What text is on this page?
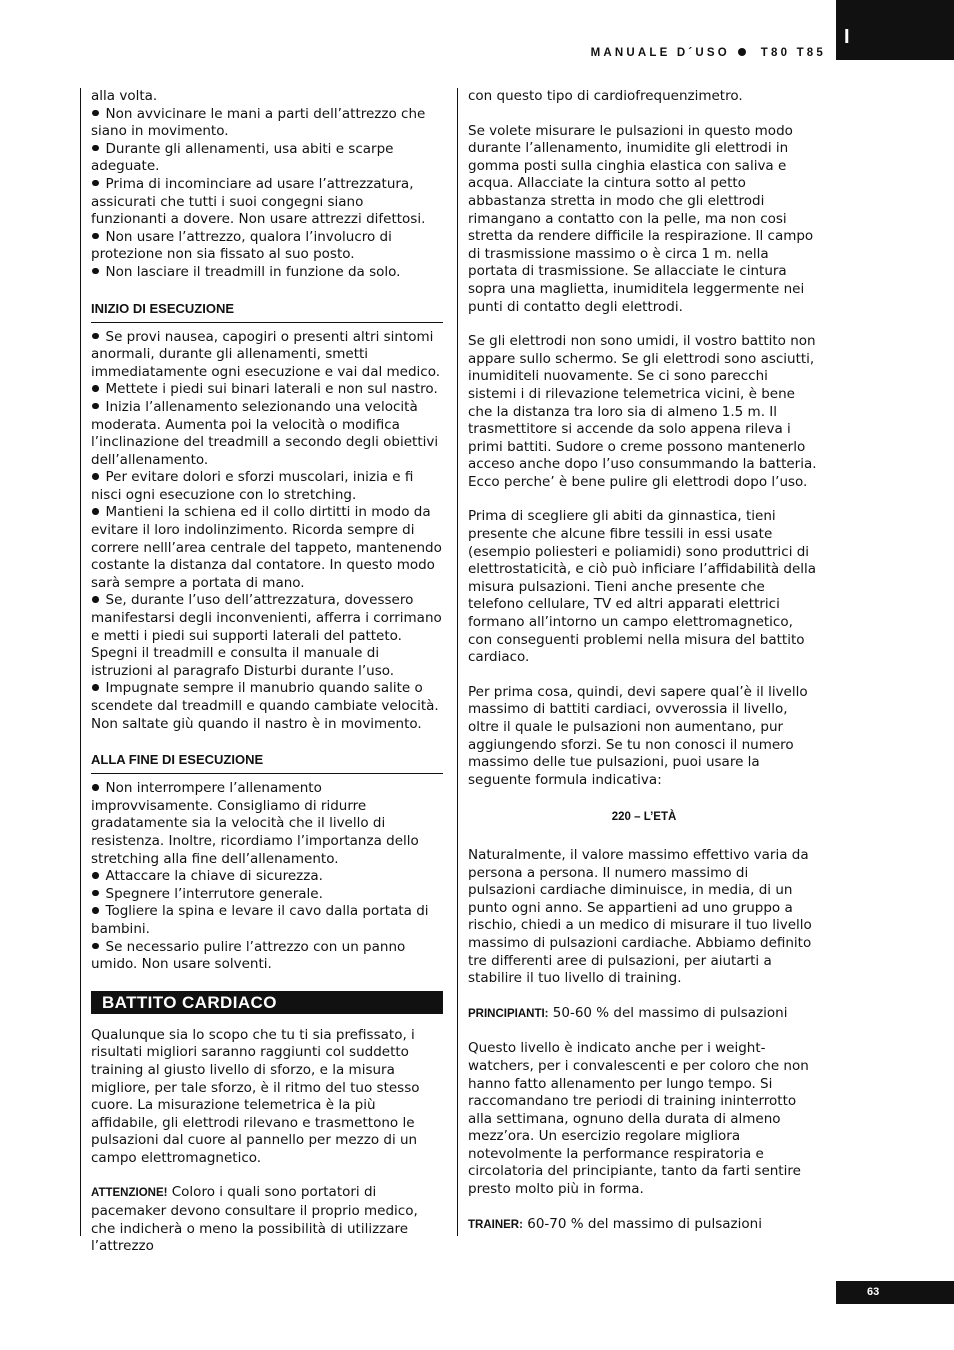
I
MANUALE D´USO	T80 T85

alla volta.

Non avvicinare le mani a parti dell’attrezzo che siano in movimento.

Durante gli allenamenti, usa abiti e scarpe adeguate.

Prima di incominciare ad usare l’attrezzatura, assicurati che tutti i suoi congegni siano funzionanti a dovere. Non usare attrezzi difettosi.

Non usare l’attrezzo, qualora l’involucro di protezione non sia fissato al suo posto.

Non lasciare il treadmill in funzione da solo.

INIZIO DI ESECUZIONE

Se provi nausea, capogiri o presenti altri sintomi anormali, durante gli allenamenti, smetti immediatamente ogni esecuzione e vai dal medico.

Mettete i piedi sui binari laterali e non sul nastro.

Inizia l’allenamento selezionando una velocità moderata. Aumenta poi la velocità o modifica l’inclinazione del treadmill a secondo degli obiettivi dell’allenamento.

Per evitare dolori e sforzi muscolari, inizia e fi nisci ogni esecuzione con lo stretching.

Mantieni la schiena ed il collo dirtitti in modo da evitare il loro indolinzimento. Ricorda sempre di correre nelll’area centrale del tappeto, mantenendo costante la distanza dal contatore. In questo modo sarà sempre a portata di mano.

Se, durante l’uso dell’attrezzatura, dovessero manifestarsi degli inconvenienti, afferra i corrimano e metti i piedi sui supporti laterali del patteto. Spegni il treadmill e consulta il manuale di istruzioni al paragrafo Disturbi durante l’uso.

Impugnate sempre il manubrio quando salite o scendete dal treadmill e quando cambiate velocità. Non saltate giù quando il nastro è in movimento.

ALLA FINE DI ESECUZIONE

Non interrompere l’allenamento improvvisamente. Consigliamo di ridurre gradatamente sia la velocità che il livello di resistenza. Inoltre, ricordiamo l’importanza dello stretching alla fine dell’allenamento.

Attaccare la chiave di sicurezza.

Spegnere l’interrutore generale.

Togliere la spina e levare il cavo dalla portata di bambini.

Se necessario pulire l’attrezzo con un panno umido. Non usare solventi.

BATTITO CARDIACO

Qualunque sia lo scopo che tu ti sia prefissato, i risultati migliori saranno raggiunti col suddetto training al giusto livello di sforzo, e la misura migliore, per tale sforzo, è il ritmo del tuo stesso cuore. La misurazione telemetrica è la più affidabile, gli elettrodi rilevano e trasmettono le pulsazioni dal cuore al pannello per mezzo di un campo elettromagnetico.

ATTENZIONE! Coloro i quali sono portatori di pacemaker devono consultare il proprio medico, che indicherà o meno la possibilità di utilizzare l’attrezzo

con questo tipo di cardiofrequenzimetro.

Se volete misurare le pulsazioni in questo modo durante l’allenamento, inumidite gli elettrodi in gomma posti sulla cinghia elastica con saliva e acqua. Allacciate la cintura sotto al petto abbastanza stretta in modo che gli elettrodi rimangano a contatto con la pelle, ma non cosi stretta da rendere difficile la respirazione. Il campo di trasmissione massimo o è circa 1 m. nella portata di trasmissione. Se allacciate le cintura sopra una maglietta, inumiditela leggermente nei punti di contatto degli elettrodi.

Se gli elettrodi non sono umidi, il vostro battito non appare sullo schermo. Se gli elettrodi sono asciutti, inumiditeli nuovamente. Se ci sono parecchi sistemi i di rilevazione telemetrica vicini, è bene che la distanza tra loro sia di almeno 1.5 m. Il trasmettitore si accende da solo appena rileva i primi battiti. Sudore o creme possono mantenerlo acceso anche dopo l’uso consummando la batteria. Ecco perche’ è bene pulire gli elettrodi dopo l’uso.

Prima di scegliere gli abiti da ginnastica, tieni presente che alcune fibre tessili in essi usate (esempio poliesteri e poliamidi) sono produttrici di elettrostaticità, e ciò può inficiare l’affidabilità della misura pulsazioni. Tieni anche presente che telefono cellulare, TV ed altri apparati elettrici formano all’intorno un campo elettromagnetico, con conseguenti problemi nella misura del battito cardiaco.

Per prima cosa, quindi, devi sapere qual’è il livello massimo di battiti cardiaci, ovverossia il livello, oltre il quale le pulsazioni non aumentano, pur aggiungendo sforzi. Se tu non conosci il numero massimo delle tue pulsazioni, puoi usare la seguente formula indicativa:

220 – L’ETÀ

Naturalmente, il valore massimo effettivo varia da persona a persona. Il numero massimo di pulsazioni cardiache diminuisce, in media, di un punto ogni anno. Se appartieni ad uno gruppo a rischio, chiedi a un medico di misurare il tuo livello massimo di pulsazioni cardiache. Abbiamo definito tre differenti aree di pulsazioni, per aiutarti a stabilire il tuo livello di training.

PRINCIPIANTI: 50-60 % del massimo di pulsazioni

Questo livello è indicato anche per i weight-watchers, per i convalescenti e per coloro che non hanno fatto allenamento per lungo tempo. Si raccomandano tre periodi di training ininterrotto alla settimana, ognuno della durata di almeno mezz’ora. Un esercizio regolare migliora notevolmente la performance respiratoria e circolatoria del principiante, tanto da farti sentire presto molto più in forma.

TRAINER: 60-70 % del massimo di pulsazioni

63
